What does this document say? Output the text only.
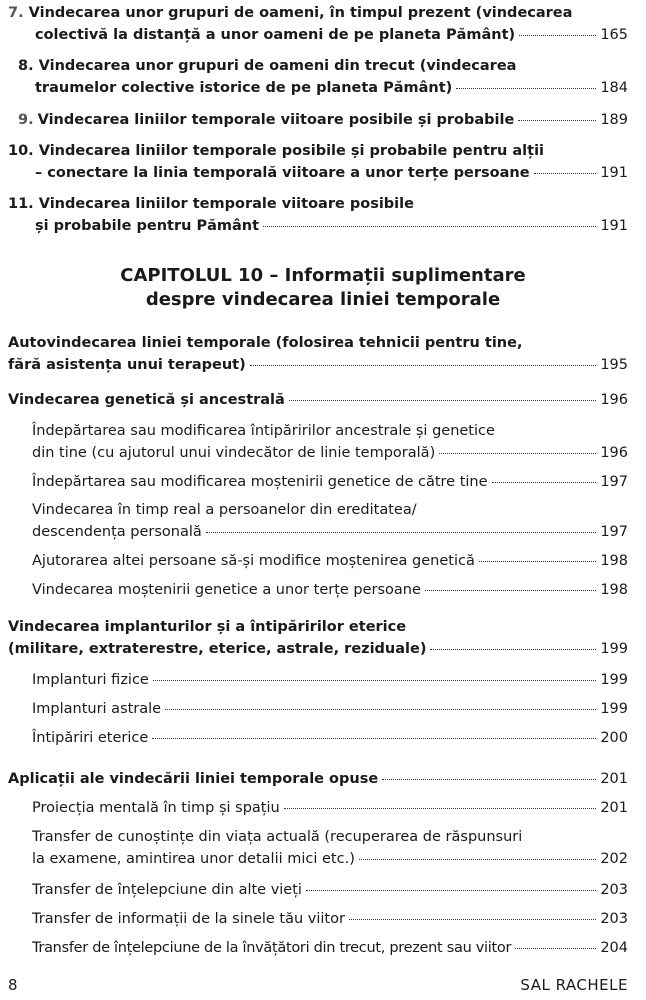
7. Vindecarea unor grupuri de oameni, în timpul prezent (vindecarea
colectivă la distanță a unor oameni de pe planeta Pământ)	165
8. Vindecarea unor grupuri de oameni din trecut (vindecarea
traumelor colective istorice de pe planeta Pământ)	184
9. Vindecarea liniilor temporale viitoare posibile și probabile	189
10. Vindecarea liniilor temporale posibile și probabile pentru alții
– conectare la linia temporală viitoare a unor terțe persoane	191
11. Vindecarea liniilor temporale viitoare posibile
și probabile pentru Pământ	191
CAPITOLUL 10 – Informații suplimentare
despre vindecarea liniei temporale
Autovindecarea liniei temporale (folosirea tehnicii pentru tine,
fără asistența unui terapeut)	195
Vindecarea genetică și ancestrală	196
Îndepărtarea sau modificarea întipăririlor ancestrale și genetice
din tine (cu ajutorul unui vindecător de linie temporală)	196
Îndepărtarea sau modificarea moștenirii genetice de către tine	197
Vindecarea în timp real a persoanelor din ereditatea/
descendența personală	197
Ajutorarea altei persoane să-și modifice moștenirea genetică	198
Vindecarea moștenirii genetice a unor terțe persoane	198
Vindecarea implanturilor și a întipăririlor eterice
(militare, extraterestre, eterice, astrale, reziduale)	199
Implanturi fizice	199
Implanturi astrale	199
Întipăriri eterice	200
Aplicații ale vindecării liniei temporale opuse	201
Proiecția mentală în timp și spațiu	201
Transfer de cunoștințe din viața actuală (recuperarea de răspunsuri
la examene, amintirea unor detalii mici etc.)	202
Transfer de înțelepciune din alte vieți	203
Transfer de informații de la sinele tău viitor	203
Transfer de înțelepciune de la învățători din trecut, prezent sau viitor	204
8	SAL RACHELE
